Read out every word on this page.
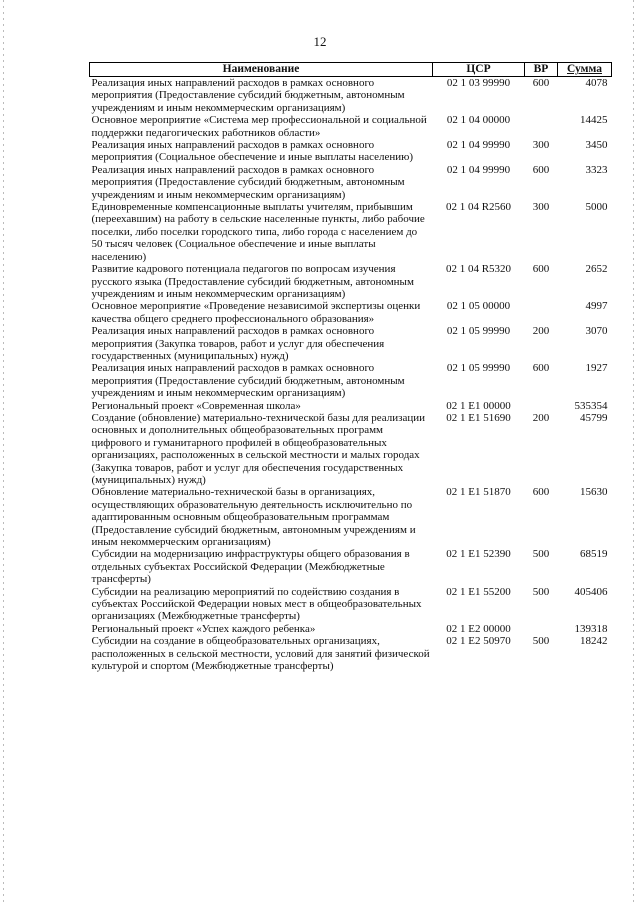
12
Наименование	ЦСР	ВР	Сумма
Реализация иных направлений расходов в рамках основного мероприятия (Предоставление субсидий бюджетным, автономным учреждениям и иным некоммерческим организациям)	02 1 03 99990	600	4078
Основное мероприятие «Система мер профессиональной и социальной поддержки педагогических работников области»	02 1 04 00000		14425
Реализация иных направлений расходов в рамках основного мероприятия (Социальное обеспечение и иные выплаты населению)	02 1 04 99990	300	3450
Реализация иных направлений расходов в рамках основного мероприятия (Предоставление субсидий бюджетным, автономным учреждениям и иным некоммерческим организациям)	02 1 04 99990	600	3323
Единовременные компенсационные выплаты учителям, прибывшим (переехавшим) на работу в сельские населенные пункты, либо рабочие поселки, либо поселки городского типа, либо города с населением до 50 тысяч человек (Социальное обеспечение и иные выплаты населению)	02 1 04 R2560	300	5000
Развитие кадрового потенциала педагогов по вопросам изучения русского языка (Предоставление субсидий бюджетным, автономным учреждениям и иным некоммерческим организациям)	02 1 04 R5320	600	2652
Основное мероприятие «Проведение независимой экспертизы оценки качества общего среднего профессионального образования»	02 1 05 00000		4997
Реализация иных направлений расходов в рамках основного мероприятия (Закупка товаров, работ и услуг для обеспечения государственных (муниципальных) нужд)	02 1 05 99990	200	3070
Реализация иных направлений расходов в рамках основного мероприятия (Предоставление субсидий бюджетным, автономным учреждениям и иным некоммерческим организациям)	02 1 05 99990	600	1927
Региональный проект «Современная школа»	02 1 E1 00000		535354
Создание (обновление) материально-технической базы для реализации основных и дополнительных общеобразовательных программ цифрового и гуманитарного профилей в общеобразовательных организациях, расположенных в сельской местности и малых городах (Закупка товаров, работ и услуг для обеспечения государственных (муниципальных) нужд)	02 1 E1 51690	200	45799
Обновление материально-технической базы в организациях, осуществляющих образовательную деятельность исключительно по адаптированным основным общеобразовательным программам (Предоставление субсидий бюджетным, автономным учреждениям и иным некоммерческим организациям)	02 1 E1 51870	600	15630
Субсидии на модернизацию инфраструктуры общего образования в отдельных субъектах Российской Федерации (Межбюджетные трансферты)	02 1 E1 52390	500	68519
Субсидии на реализацию мероприятий по содействию создания в субъектах Российской Федерации новых мест в общеобразовательных организациях (Межбюджетные трансферты)	02 1 E1 55200	500	405406
Региональный проект «Успех каждого ребенка»	02 1 E2 00000		139318
Субсидии на создание в общеобразовательных организациях, расположенных в сельской местности, условий для занятий физической культурой и спортом (Межбюджетные трансферты)	02 1 E2 50970	500	18242
